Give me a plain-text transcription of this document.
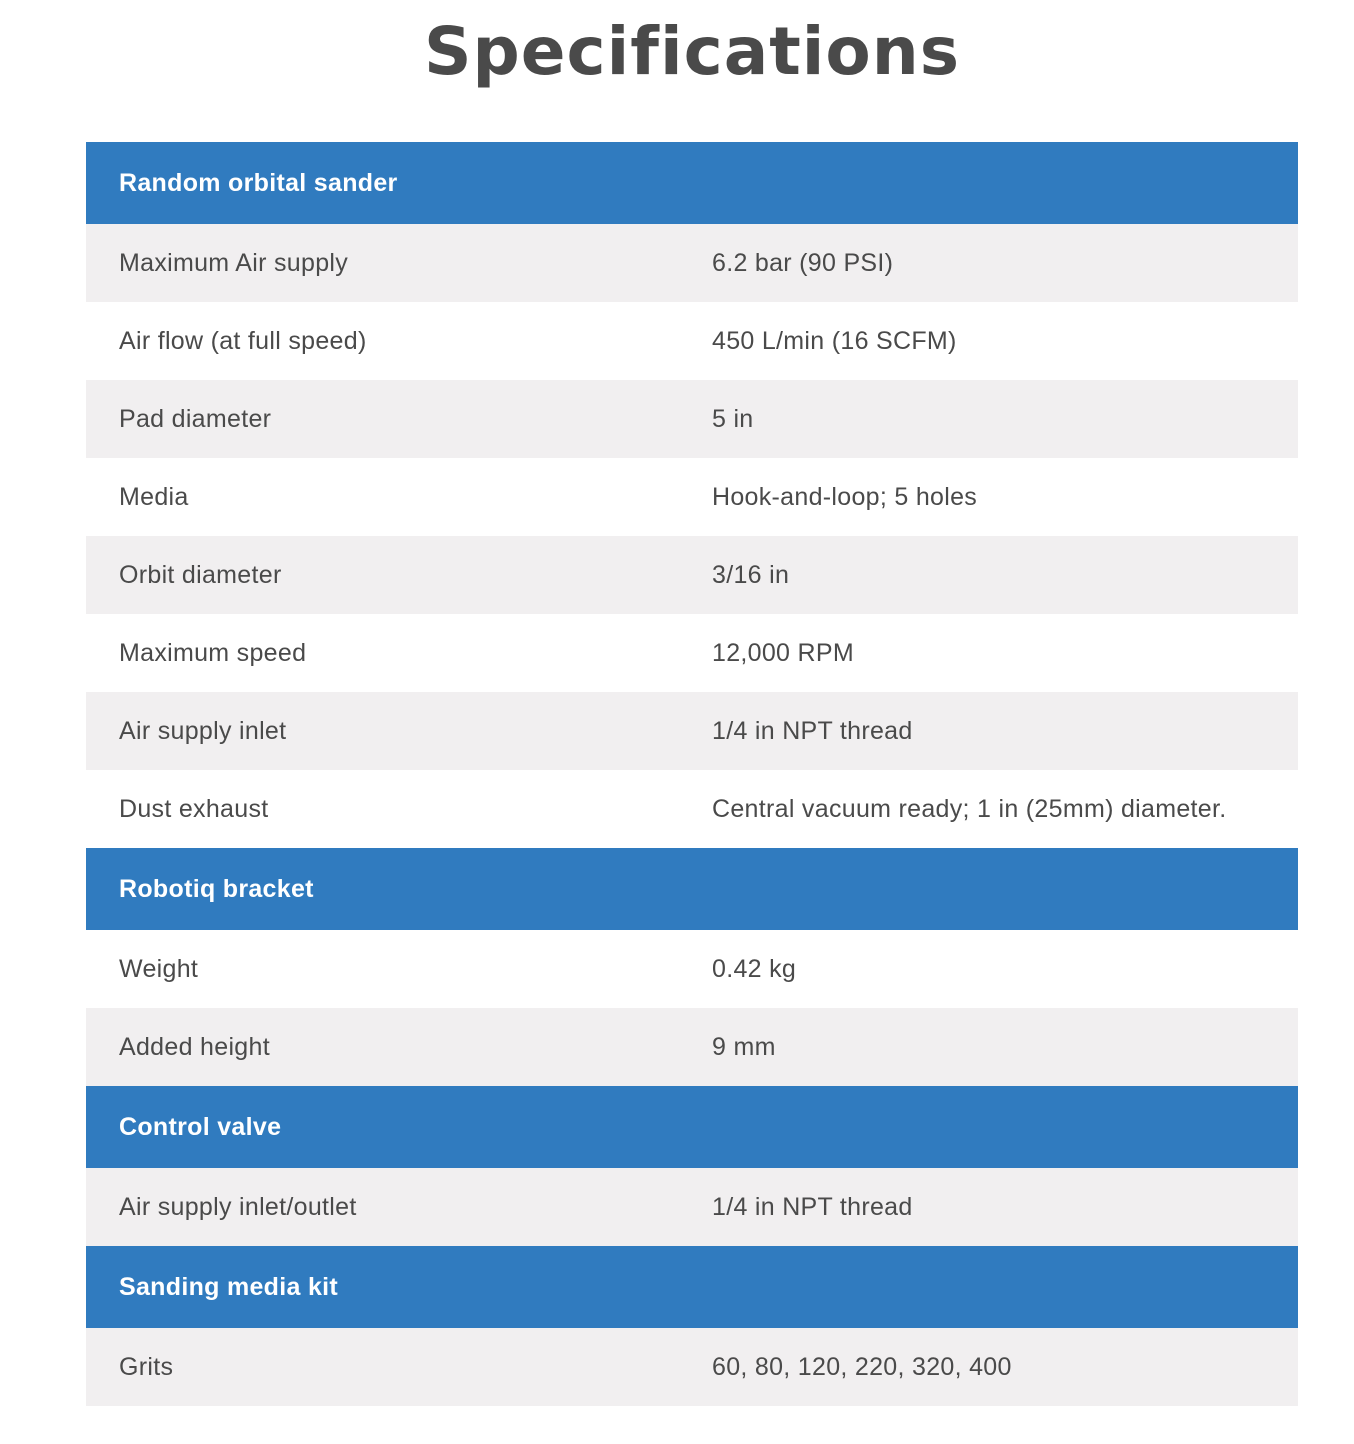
Specifications
Random orbital sander	
Maximum Air supply	6.2 bar (90 PSI)
Air flow (at full speed)	450 L/min (16 SCFM)
Pad diameter	5 in
Media	Hook-and-loop; 5 holes
Orbit diameter	3/16 in
Maximum speed	12,000 RPM
Air supply inlet	1/4 in NPT thread
Dust exhaust	Central vacuum ready; 1 in (25mm) diameter.
Robotiq bracket	
Weight	0.42 kg
Added height	9 mm
Control valve	
Air supply inlet/outlet	1/4 in NPT thread
Sanding media kit	
Grits	60, 80, 120, 220, 320, 400
